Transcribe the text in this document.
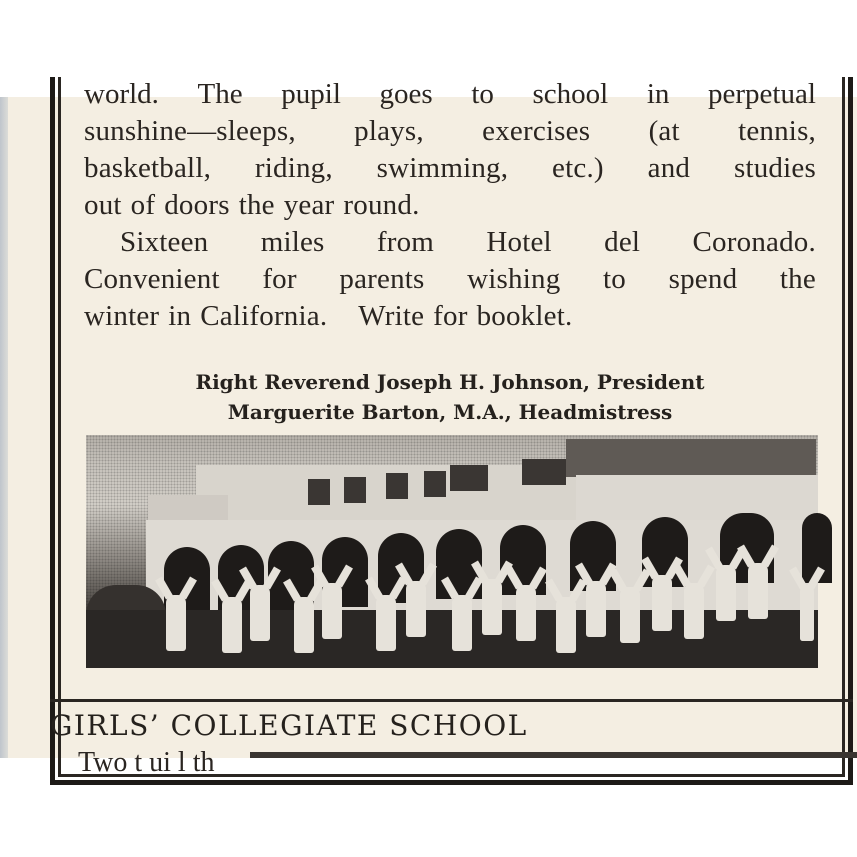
world. The pupil goes to school in perpetual
sunshine—sleeps, plays, exercises (at tennis,
basketball, riding, swimming, etc.) and studies
out of doors the year round.
Sixteen miles from Hotel del Coronado.
Convenient for parents wishing to spend the
winter in California. Write for booklet.
Right Reverend Joseph H. Johnson, President
Marguerite Barton, M.A., Headmistress
GIRLS’ COLLEGIATE SCHOOL
Two t ui l th
